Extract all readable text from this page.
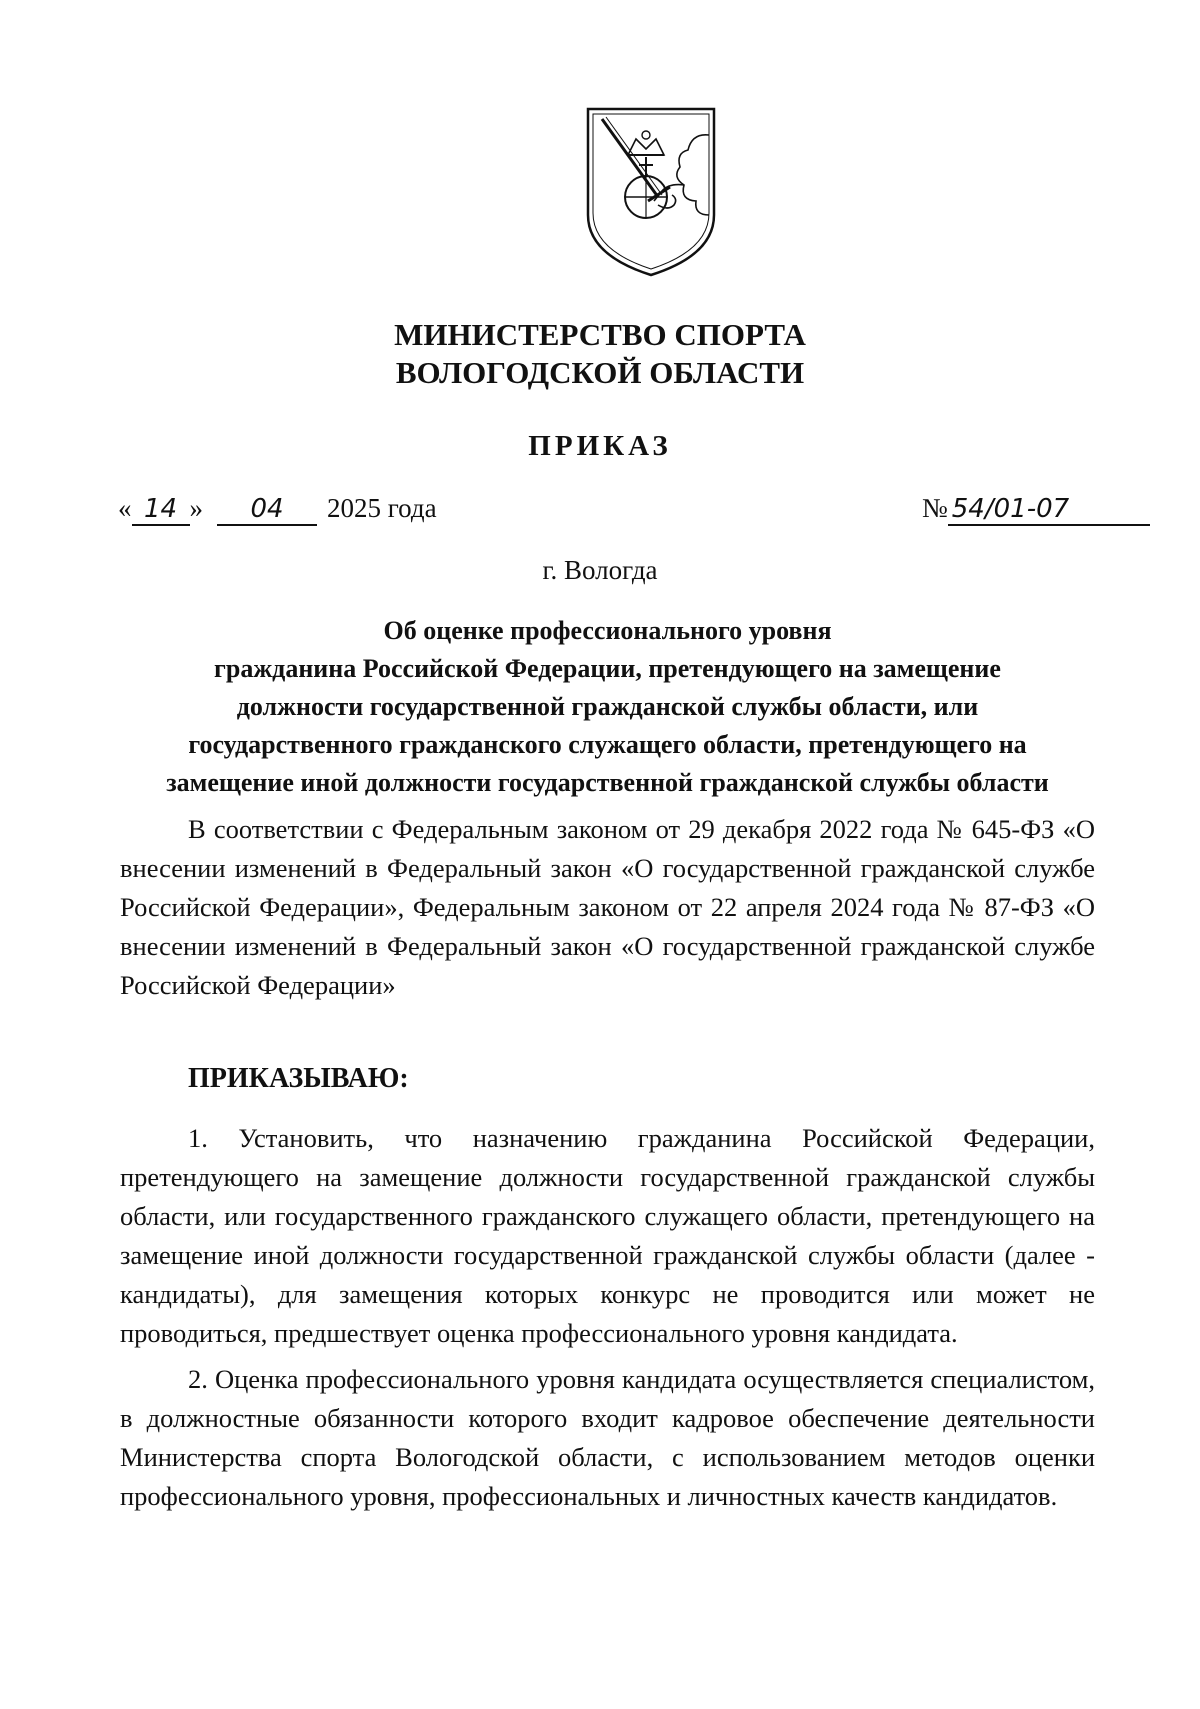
МИНИСТЕРСТВО СПОРТА
ВОЛОГОДСКОЙ ОБЛАСТИ
ПРИКАЗ
« 14 » 04 2025 года	№ 54/01-07
г. Вологда
Об оценке профессионального уровня
гражданина Российской Федерации, претендующего на замещение
должности государственной гражданской службы области, или
государственного гражданского служащего области, претендующего на
замещение иной должности государственной гражданской службы области
В соответствии с Федеральным законом от 29 декабря 2022 года № 645-ФЗ «О внесении изменений в Федеральный закон «О государственной гражданской службе Российской Федерации», Федеральным законом от 22 апреля 2024 года № 87-ФЗ «О внесении изменений в Федеральный закон «О государственной гражданской службе Российской Федерации»
ПРИКАЗЫВАЮ:
1. Установить, что назначению гражданина Российской Федерации, претендующего на замещение должности государственной гражданской службы области, или государственного гражданского служащего области, претендующего на замещение иной должности государственной гражданской службы области (далее - кандидаты), для замещения которых конкурс не проводится или может не проводиться, предшествует оценка профессионального уровня кандидата.
2. Оценка профессионального уровня кандидата осуществляется специалистом, в должностные обязанности которого входит кадровое обеспечение деятельности Министерства спорта Вологодской области, с использованием методов оценки профессионального уровня, профессиональных и личностных качеств кандидатов.
